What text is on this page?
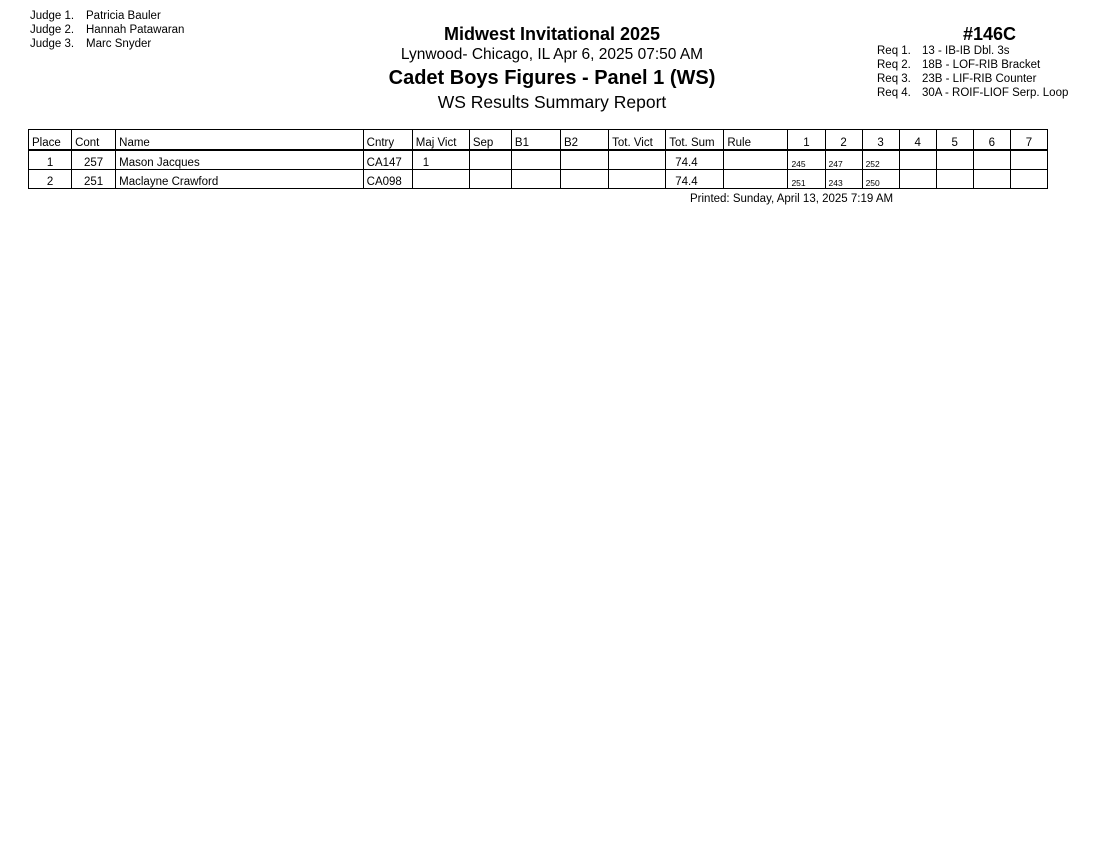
Judge 1. Patricia Bauler
Judge 2. Hannah Patawaran
Judge 3. Marc Snyder	Midwest Invitational 2025
Lynwood- Chicago, IL Apr 6, 2025 07:50 AM
Cadet Boys Figures - Panel 1 (WS)
WS Results Summary Report
#146C
Req 1. 13 - IB-IB Dbl. 3s
Req 2. 18B - LOF-RIB Bracket
Req 3. 23B - LIF-RIB Counter
Req 4. 30A - ROIF-LIOF Serp. Loop
Place	Cont	Name	Cntry	Maj Vict	Sep	B1	B2	Tot. Vict	Tot. Sum	Rule	1	2	3	4	5	6	7
1	257	Mason Jacques	CA147	1					74.4		245	247	252				
2	251	Maclayne Crawford	CA098						74.4		251	243	250				
Printed: Sunday, April 13, 2025 7:19 AM
